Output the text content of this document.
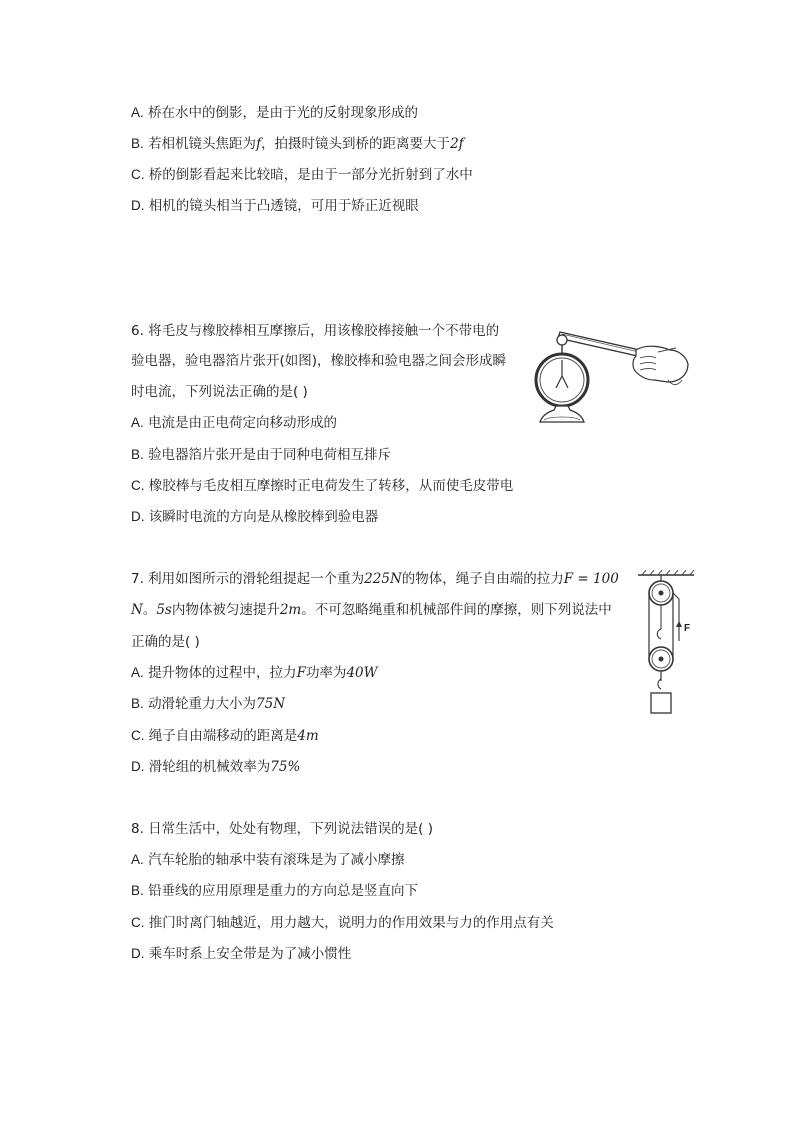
A. 桥在水中的倒影，是由于光的反射现象形成的
B. 若相机镜头焦距为f，拍摄时镜头到桥的距离要大于2f
C. 桥的倒影看起来比较暗，是由于一部分光折射到了水中
D. 相机的镜头相当于凸透镜，可用于矫正近视眼
6. 将毛皮与橡胶棒相互摩擦后，用该橡胶棒接触一个不带电的
验电器，验电器箔片张开(如图)，橡胶棒和验电器之间会形成瞬
时电流，下列说法正确的是( )
A. 电流是由正电荷定向移动形成的
B. 验电器箔片张开是由于同种电荷相互排斥
C. 橡胶棒与毛皮相互摩擦时正电荷发生了转移，从而使毛皮带电
D. 该瞬时电流的方向是从橡胶棒到验电器
7. 利用如图所示的滑轮组提起一个重为225N的物体，绳子自由端的拉力F = 100
N。5s内物体被匀速提升2m。不可忽略绳重和机械部件间的摩擦，则下列说法中
正确的是( )
F
A. 提升物体的过程中，拉力F功率为40W
B. 动滑轮重力大小为75N
C. 绳子自由端移动的距离是4m
D. 滑轮组的机械效率为75%
8. 日常生活中，处处有物理，下列说法错误的是( )
A. 汽车轮胎的轴承中装有滚珠是为了减小摩擦
B. 铅垂线的应用原理是重力的方向总是竖直向下
C. 推门时离门轴越近，用力越大，说明力的作用效果与力的作用点有关
D. 乘车时系上安全带是为了减小惯性
